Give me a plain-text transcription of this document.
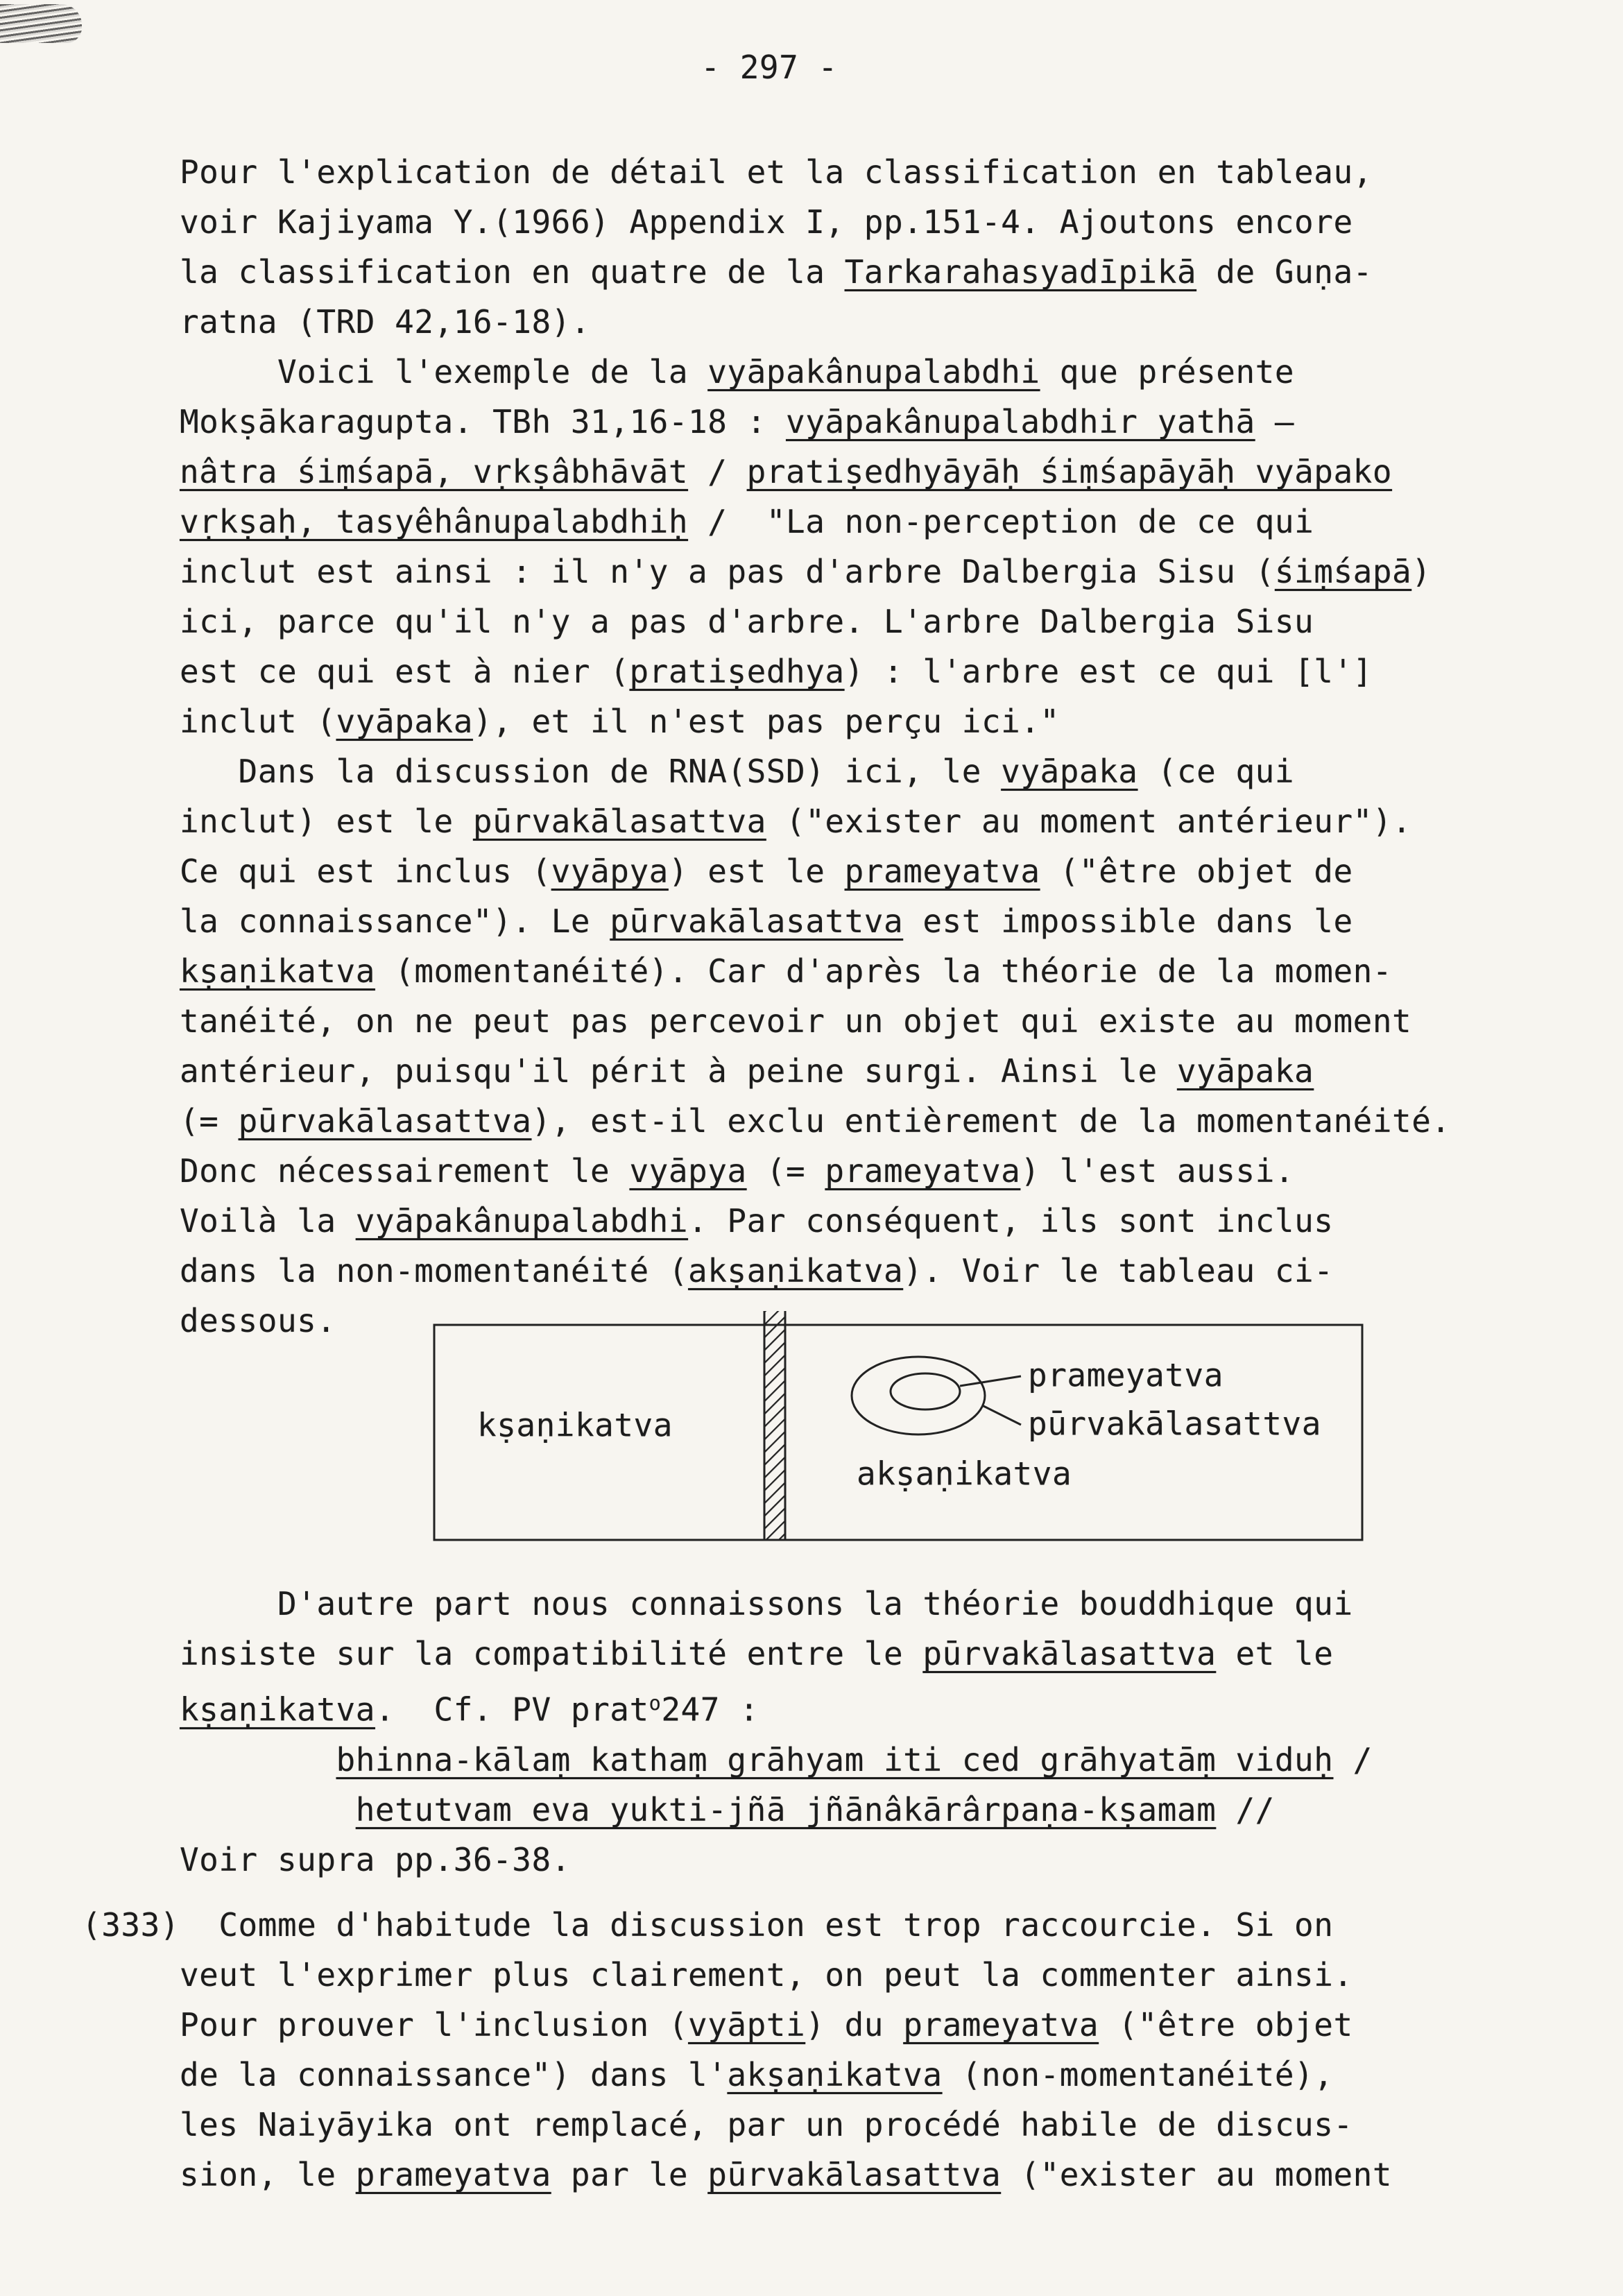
- 297 -
Pour l'explication de détail et la classification en tableau,
voir Kajiyama Y.(1966) Appendix I, pp.151-4. Ajoutons encore
la classification en quatre de la Tarkarahasyadīpikā de Guṇa-
ratna (TRD 42,16-18).
Voici l'exemple de la vyāpakânupalabdhi que présente
Mokṣākaragupta. TBh 31,16-18 : vyāpakânupalabdhir yathā —
nâtra śiṃśapā, vṛkṣâbhāvāt / pratiṣedhyāyāḥ śiṃśapāyāḥ vyāpako
vṛkṣaḥ, tasyêhânupalabdhiḥ /  "La non-perception de ce qui
inclut est ainsi : il n'y a pas d'arbre Dalbergia Sisu (śiṃśapā)
ici, parce qu'il n'y a pas d'arbre. L'arbre Dalbergia Sisu
est ce qui est à nier (pratiṣedhya) : l'arbre est ce qui [l']
inclut (vyāpaka), et il n'est pas perçu ici."
Dans la discussion de RNA(SSD) ici, le vyāpaka (ce qui
inclut) est le pūrvakālasattva ("exister au moment antérieur").
Ce qui est inclus (vyāpya) est le prameyatva ("être objet de
la connaissance"). Le pūrvakālasattva est impossible dans le
kṣaṇikatva (momentanéité). Car d'après la théorie de la momen-
tanéité, on ne peut pas percevoir un objet qui existe au moment
antérieur, puisqu'il périt à peine surgi. Ainsi le vyāpaka
(= pūrvakālasattva), est-il exclu entièrement de la momentanéité.
Donc nécessairement le vyāpya (= prameyatva) l'est aussi.
Voilà la vyāpakânupalabdhi. Par conséquent, ils sont inclus
dans la non-momentanéité (akṣaṇikatva). Voir le tableau ci-
dessous.
kṣaṇikatva
prameyatva
pūrvakālasattva
akṣaṇikatva
D'autre part nous connaissons la théorie bouddhique qui
insiste sur la compatibilité entre le pūrvakālasattva et le
kṣaṇikatva.  Cf. PV prat$^o$247 :
bhinna-kālaṃ kathaṃ grāhyam iti ced grāhyatāṃ viduḥ /
hetutvam eva yukti-jñā jñānâkārârpaṇa-kṣamam //
Voir supra pp.36-38.
(333)  Comme d'habitude la discussion est trop raccourcie. Si on
veut l'exprimer plus clairement, on peut la commenter ainsi.
Pour prouver l'inclusion (vyāpti) du prameyatva ("être objet
de la connaissance") dans l'akṣaṇikatva (non-momentanéité),
les Naiyāyika ont remplacé, par un procédé habile de discus-
sion, le prameyatva par le pūrvakālasattva ("exister au moment
